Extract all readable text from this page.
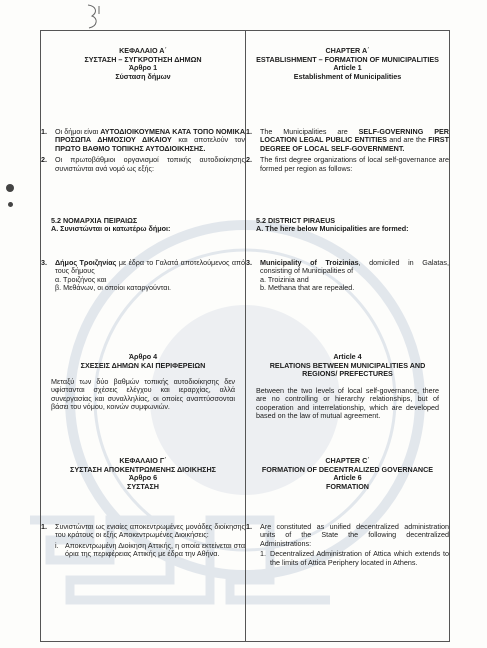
ΚΕΦΑΛΑΙΟ Α΄
ΣΥΣΤΑΣΗ – ΣΥΓΚΡΟΤΗΣΗ ΔΗΜΩΝ
Άρθρο 1
Σύσταση δήμων
1.	Οι δήμοι είναι ΑΥΤΟΔΙΟΙΚΟΥΜΕΝΑ ΚΑΤΑ ΤΟΠΟ ΝΟΜΙΚΑ ΠΡΟΣΩΠΑ ΔΗΜΟΣΙΟΥ ΔΙΚΑΙΟΥ και αποτελούν τον ΠΡΩΤΟ ΒΑΘΜΟ ΤΟΠΙΚΗΣ ΑΥΤΟΔΙΟΙΚΗΣΗΣ.
2.	Οι πρωτοβάθμιοι οργανισμοί τοπικής αυτοδιοίκησης συνιστώνται ανά νομό ως εξής:
5.2 ΝΟΜΑΡΧΙΑ ΠΕΙΡΑΙΩΣ
Α. Συνιστώνται οι κατωτέρω δήμοι:
3.	Δήμος Τροιζηνίας με έδρα το Γαλατά αποτελούμενος από τους δήμους
α. Τροιζήνος και
β. Μεθάνων, οι οποίοι καταργούνται.
Άρθρο 4
ΣΧΕΣΕΙΣ ΔΗΜΩΝ ΚΑΙ ΠΕΡΙΦΕΡΕΙΩΝ
Μεταξύ των δύο βαθμών τοπικής αυτοδιοίκησης δεν υφίστανται σχέσεις ελέγχου και ιεραρχίας, αλλά συνεργασίας και συναλληλίας, οι οποίες αναπτύσσονται βάσει του νόμου, κοινών συμφωνιών.
ΚΕΦΑΛΑΙΟ Γ΄
ΣΥΣΤΑΣΗ ΑΠΟΚΕΝΤΡΩΜΕΝΗΣ ΔΙΟΙΚΗΣΗΣ
Άρθρο 6
ΣΥΣΤΑΣΗ
1.	Συνιστώνται ως ενιαίες αποκεντρωμένες μονάδες διοίκησης του κράτους οι εξής Αποκεντρωμένες Διοικήσεις:
i. Αποκεντρωμένη Διοίκηση Αττικής, η οποία εκτείνεται στα όρια της περιφέρειας Αττικής με έδρα την Αθήνα.
CHAPTER A΄
ESTABLISHMENT – FORMATION OF MUNICIPALITIES
Article 1
Establishment of Municipalities
1.	The Municipalities are SELF-GOVERNING PER LOCATION LEGAL PUBLIC ENTITIES and are the FIRST DEGREE OF LOCAL SELF-GOVERNMENT.
2.	The first degree organizations of local self-governance are formed per region as follows:
5.2 DISTRICT PIRAEUS
A. The here below Municipalities are formed:
3.	Municipality of Troizinias, domiciled in Galatas, consisting of Municipalities of
a. Troizinia and
b. Methana that are repealed.
Article 4
RELATIONS BETWEEN MUNICIPALITIES AND REGIONS/ PREFECTURES
Between the two levels of local self-governance, there are no controlling or hierarchy relationships, but of cooperation and interrelationship, which are developed based on the law of mutual agreement.
CHAPTER C΄
FORMATION OF DECENTRALIZED GOVERNANCE
Article 6
FORMATION
1.	Are constituted as unified decentralized administration units of the State the following decentralized Administrations:
1. Decentralized Administration of Attica which extends to the limits of Attica Periphery located in Athens.
